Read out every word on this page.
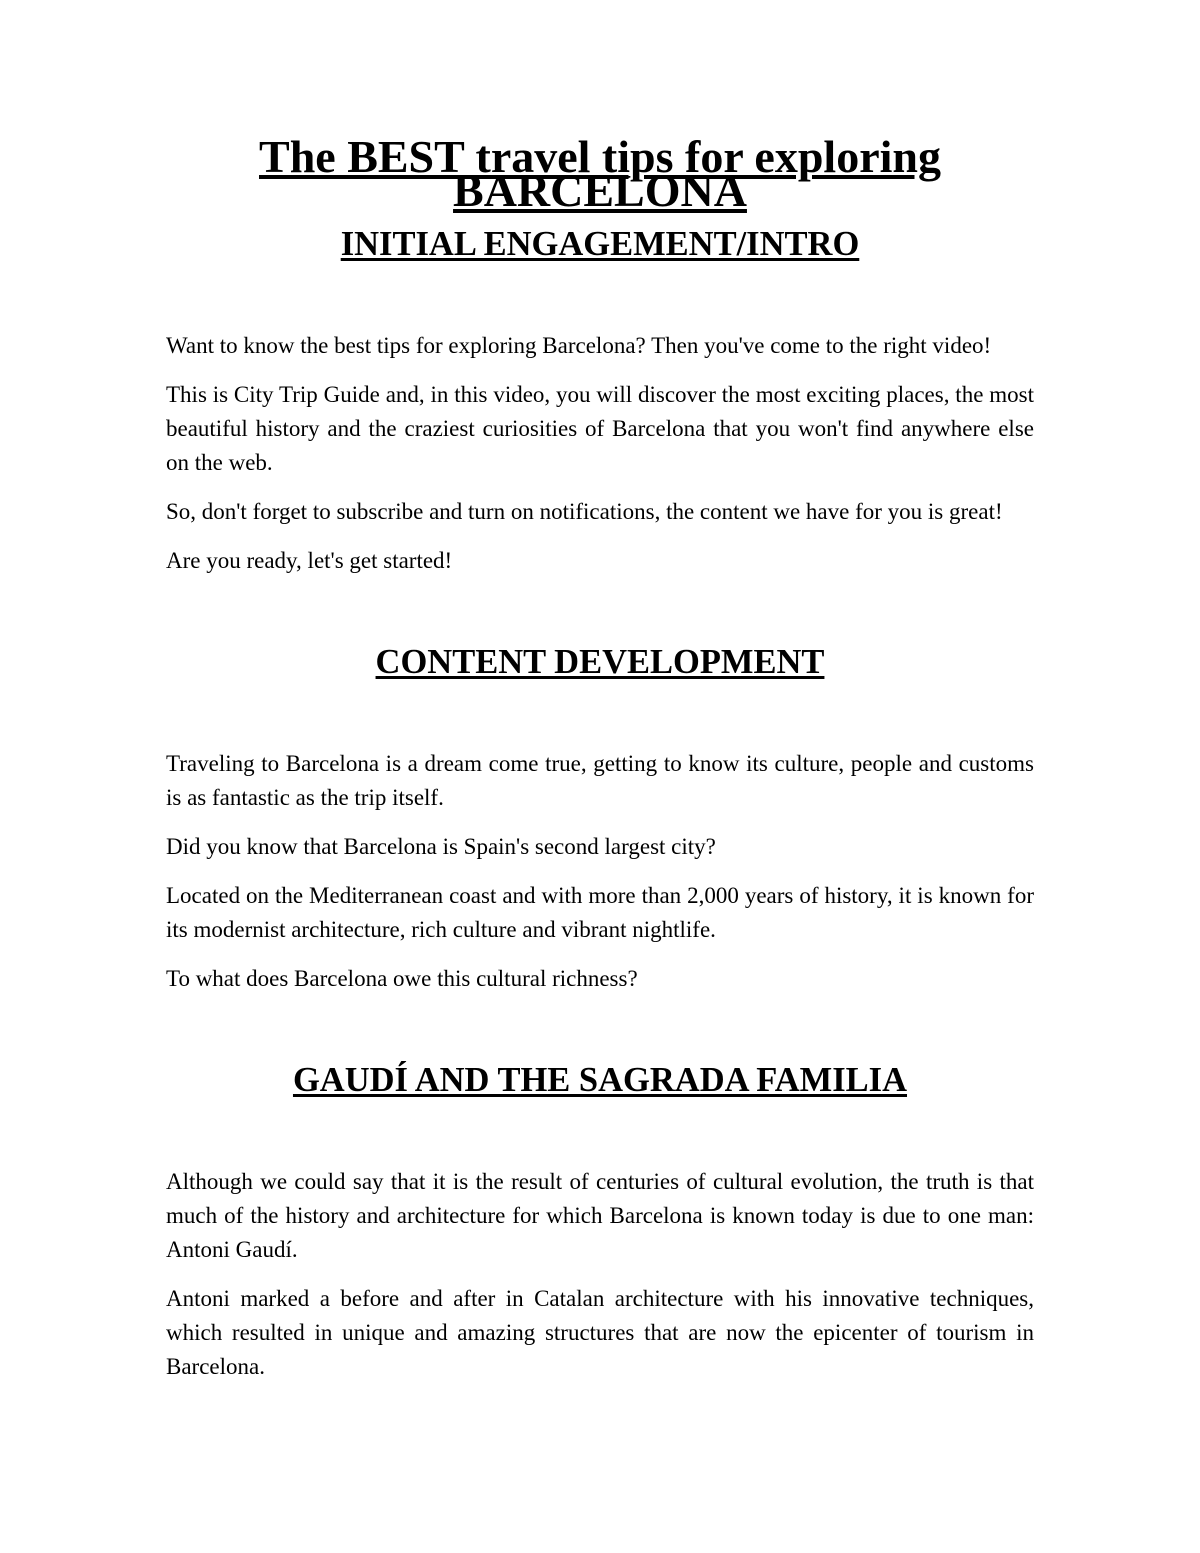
The BEST travel tips for exploring BARCELONA
INITIAL ENGAGEMENT/INTRO

Want to know the best tips for exploring Barcelona? Then you've come to the right video!

This is City Trip Guide and, in this video, you will discover the most exciting places, the most beautiful history and the craziest curiosities of Barcelona that you won't find anywhere else on the web.

So, don't forget to subscribe and turn on notifications, the content we have for you is great!

Are you ready, let's get started!

CONTENT DEVELOPMENT

Traveling to Barcelona is a dream come true, getting to know its culture, people and customs is as fantastic as the trip itself.

Did you know that Barcelona is Spain's second largest city?

Located on the Mediterranean coast and with more than 2,000 years of history, it is known for its modernist architecture, rich culture and vibrant nightlife.

To what does Barcelona owe this cultural richness?

GAUDÍ AND THE SAGRADA FAMILIA

Although we could say that it is the result of centuries of cultural evolution, the truth is that much of the history and architecture for which Barcelona is known today is due to one man: Antoni Gaudí.

Antoni marked a before and after in Catalan architecture with his innovative techniques, which resulted in unique and amazing structures that are now the epicenter of tourism in Barcelona.
